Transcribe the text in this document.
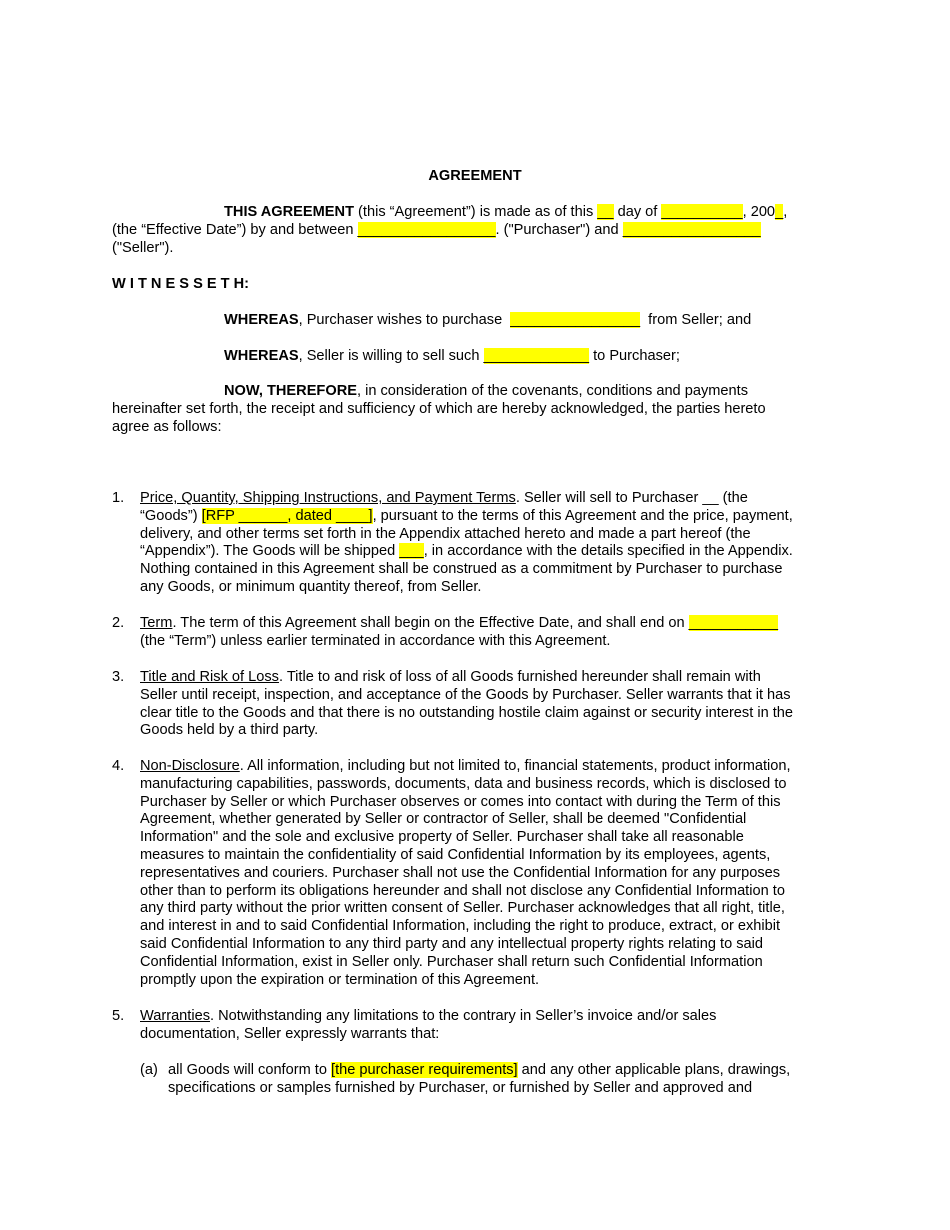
AGREEMENT
THIS AGREEMENT (this “Agreement”) is made as of this __ day of __________, 200_,
(the “Effective Date”) by and between _________________. ("Purchaser") and _________________
("Seller").
W I T N E S S E T H:
WHEREAS, Purchaser wishes to purchase ________________ from Seller; and
WHEREAS, Seller is willing to sell such _____________ to Purchaser;
NOW, THEREFORE, in consideration of the covenants, conditions and payments
hereinafter set forth, the receipt and sufficiency of which are hereby acknowledged, the parties hereto
agree as follows:
1. Price, Quantity, Shipping Instructions, and Payment Terms. Seller will sell to Purchaser __ (the
“Goods”) [RFP ______, dated ____], pursuant to the terms of this Agreement and the price, payment,
delivery, and other terms set forth in the Appendix attached hereto and made a part hereof (the
“Appendix”). The Goods will be shipped ___, in accordance with the details specified in the Appendix.
Nothing contained in this Agreement shall be construed as a commitment by Purchaser to purchase
any Goods, or minimum quantity thereof, from Seller.
2. Term. The term of this Agreement shall begin on the Effective Date, and shall end on ___________
(the “Term”) unless earlier terminated in accordance with this Agreement.
3. Title and Risk of Loss. Title to and risk of loss of all Goods furnished hereunder shall remain with
Seller until receipt, inspection, and acceptance of the Goods by Purchaser. Seller warrants that it has
clear title to the Goods and that there is no outstanding hostile claim against or security interest in the
Goods held by a third party.
4. Non-Disclosure. All information, including but not limited to, financial statements, product information,
manufacturing capabilities, passwords, documents, data and business records, which is disclosed to
Purchaser by Seller or which Purchaser observes or comes into contact with during the Term of this
Agreement, whether generated by Seller or contractor of Seller, shall be deemed "Confidential
Information" and the sole and exclusive property of Seller. Purchaser shall take all reasonable
measures to maintain the confidentiality of said Confidential Information by its employees, agents,
representatives and couriers. Purchaser shall not use the Confidential Information for any purposes
other than to perform its obligations hereunder and shall not disclose any Confidential Information to
any third party without the prior written consent of Seller. Purchaser acknowledges that all right, title,
and interest in and to said Confidential Information, including the right to produce, extract, or exhibit
said Confidential Information to any third party and any intellectual property rights relating to said
Confidential Information, exist in Seller only. Purchaser shall return such Confidential Information
promptly upon the expiration or termination of this Agreement.
5. Warranties. Notwithstanding any limitations to the contrary in Seller’s invoice and/or sales
documentation, Seller expressly warrants that:
(a) all Goods will conform to [the purchaser requirements] and any other applicable plans, drawings,
specifications or samples furnished by Purchaser, or furnished by Seller and approved and
